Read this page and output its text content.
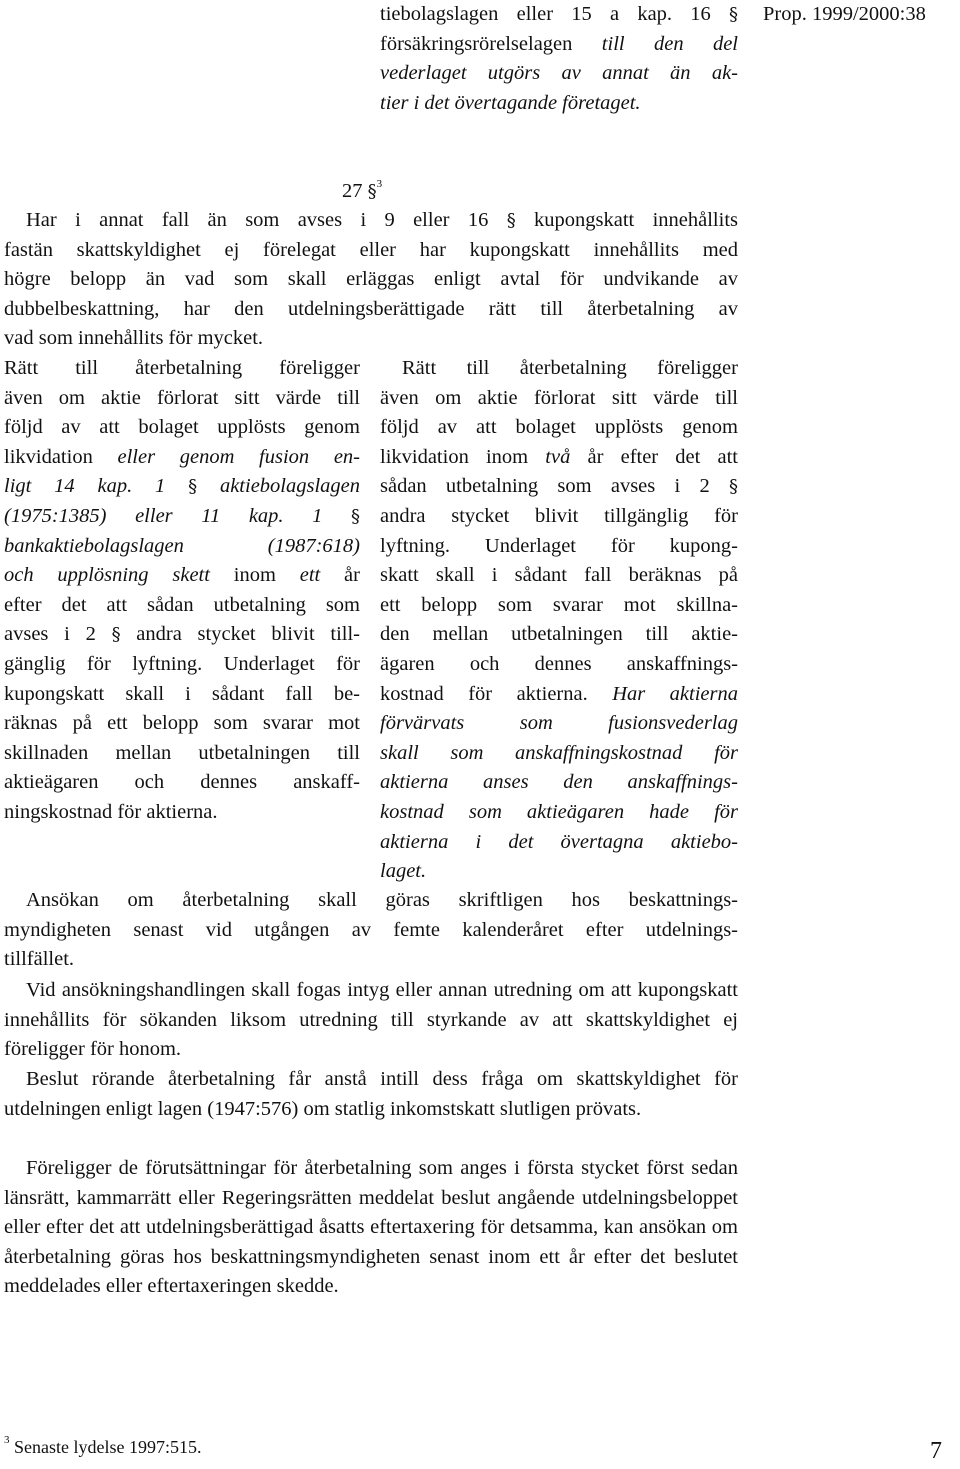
Prop. 1999/2000:38
tiebolagslagen eller 15 a kap. 16 §
försäkringsrörelselagen till den del
vederlaget utgörs av annat än ak-
tier i det övertagande företaget.
27 §$^3$
Har i annat fall än som avses i 9 eller 16 § kupongskatt innehållits
fastän skattskyldighet ej förelegat eller har kupongskatt innehållits med
högre belopp än vad som skall erläggas enligt avtal för undvikande av
dubbelbeskattning, har den utdelningsberättigade rätt till återbetalning av
vad som innehållits för mycket.
Rätt till återbetalning föreligger
även om aktie förlorat sitt värde till
följd av att bolaget upplösts genom
likvidation eller genom fusion en-
ligt 14 kap. 1 § aktiebolagslagen
(1975:1385) eller 11 kap. 1 §
bankaktiebolagslagen (1987:618)
och upplösning skett inom ett år
efter det att sådan utbetalning som
avses i 2 § andra stycket blivit till-
gänglig för lyftning. Underlaget för
kupongskatt skall i sådant fall be-
räknas på ett belopp som svarar mot
skillnaden mellan utbetalningen till
aktieägaren och dennes anskaff-
ningskostnad för aktierna.
Rätt till återbetalning föreligger
även om aktie förlorat sitt värde till
följd av att bolaget upplösts genom
likvidation inom två år efter det att
sådan utbetalning som avses i 2 §
andra stycket blivit tillgänglig för
lyftning. Underlaget för kupong-
skatt skall i sådant fall beräknas på
ett belopp som svarar mot skillna-
den mellan utbetalningen till aktie-
ägaren och dennes anskaffnings-
kostnad för aktierna. Har aktierna
förvärvats som fusionsvederlag
skall som anskaffningskostnad för
aktierna anses den anskaffnings-
kostnad som aktieägaren hade för
aktierna i det övertagna aktiebo-
laget.
Ansökan om återbetalning skall göras skriftligen hos beskattnings-
myndigheten senast vid utgången av femte kalenderåret efter utdelnings-
tillfället.
Vid ansökningshandlingen skall fogas intyg eller annan utredning om att kupongskatt innehållits för sökanden liksom utredning till styrkande av att skattskyldighet ej föreligger för honom.
Beslut rörande återbetalning får anstå intill dess fråga om skattskyldighet för utdelningen enligt lagen (1947:576) om statlig inkomstskatt slutligen prövats.
Föreligger de förutsättningar för återbetalning som anges i första stycket först sedan länsrätt, kammarrätt eller Regeringsrätten meddelat beslut angående utdelningsbeloppet eller efter det att utdelningsberättigad åsatts eftertaxering för detsamma, kan ansökan om återbetalning göras hos beskattningsmyndigheten senast inom ett år efter det beslutet meddelades eller eftertaxeringen skedde.
$^3$ Senaste lydelse 1997:515.	7
